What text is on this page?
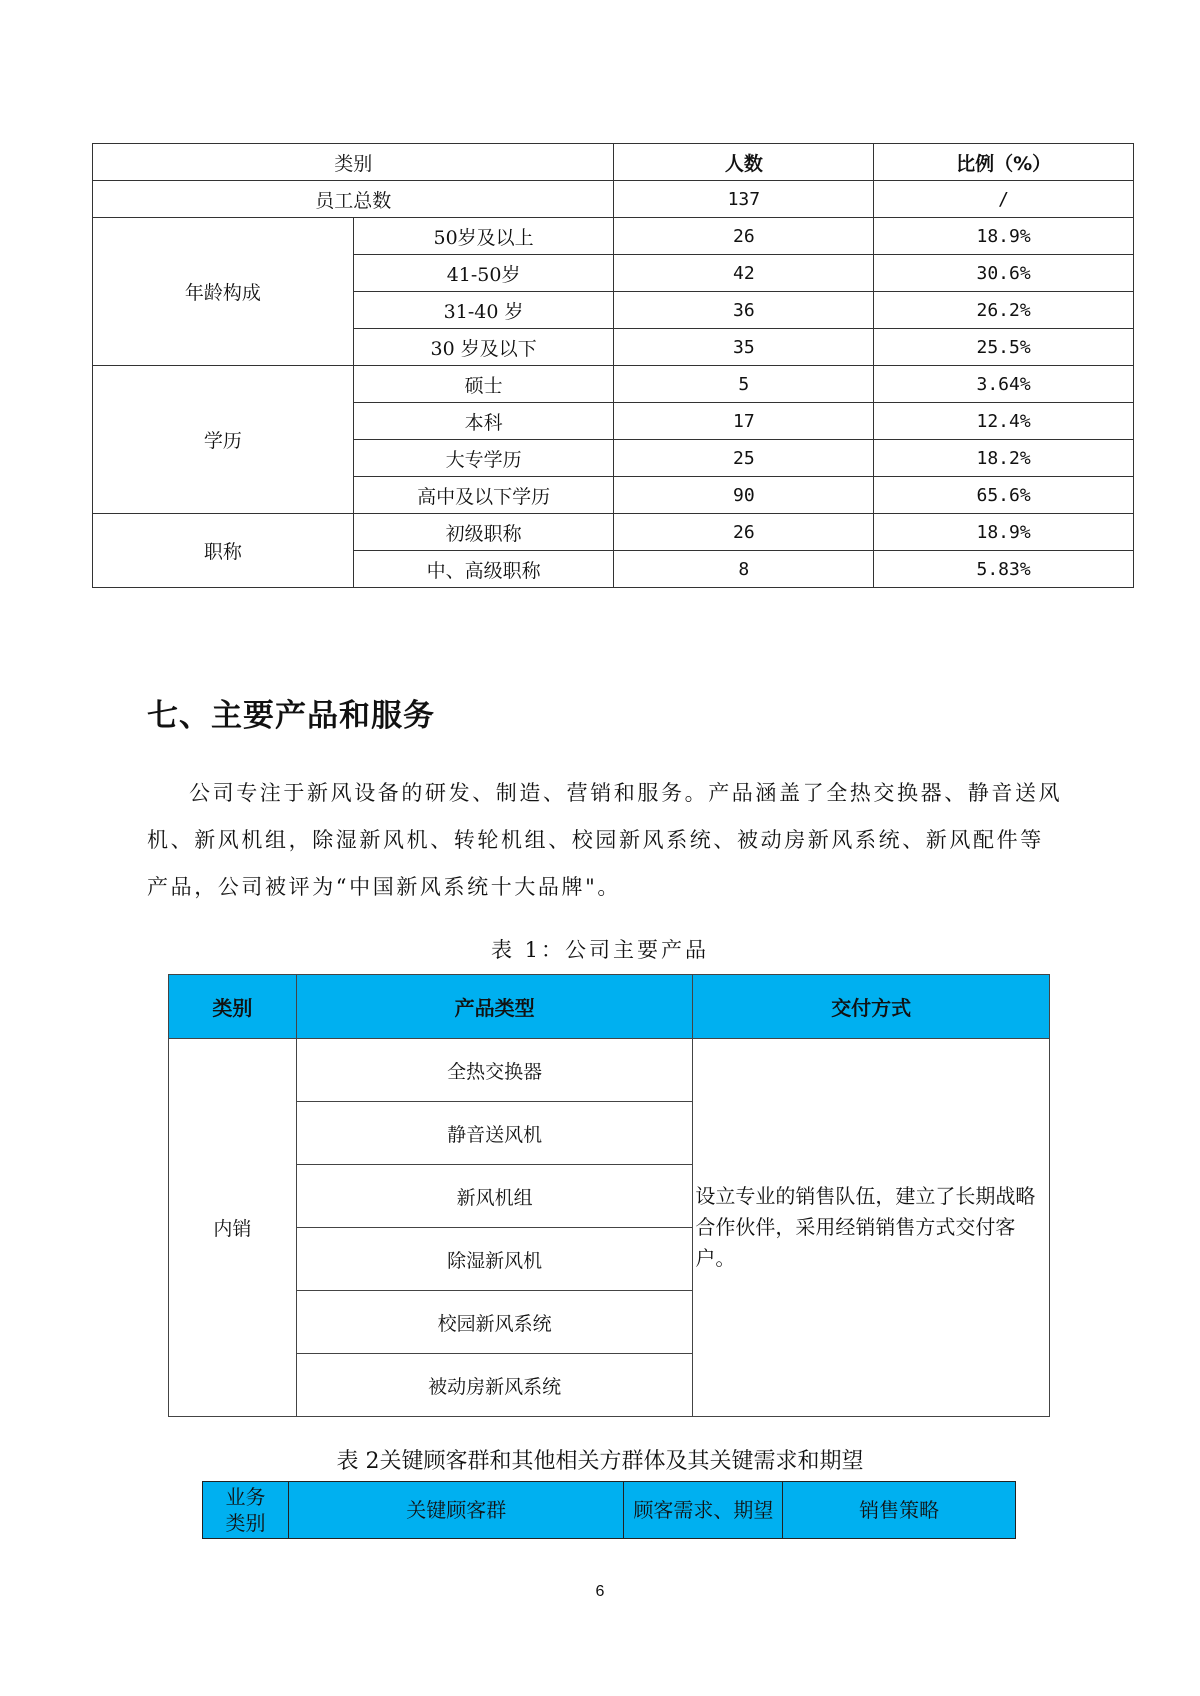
类别		人数	比例（%）
员工总数		137	/
年龄构成	50岁及以上	26	18.9%
	41-50岁	42	30.6%
	31-40 岁	36	26.2%
	30 岁及以下	35	25.5%
学历	硕士	5	3.64%
	本科	17	12.4%
	大专学历	25	18.2%
	高中及以下学历	90	65.6%
职称	初级职称	26	18.9%
	中、高级职称	8	5.83%
七、主要产品和服务

公司专注于新风设备的研发、制造、营销和服务。产品涵盖了全热交换器、静音送风机、新风机组，除湿新风机、转轮机组、校园新风系统、被动房新风系统、新风配件等产品，公司被评为“中国新风系统十大品牌"。

表 1：公司主要产品

类别	产品类型	交付方式
内销	全热交换器	设立专业的销售队伍，建立了长期战略合作伙伴，采用经销销售方式交付客户。
	静音送风机	
	新风机组	
	除湿新风机	
	校园新风系统	
	被动房新风系统	

表 2关键顾客群和其他相关方群体及其关键需求和期望

业务类别	关键顾客群	顾客需求、期望	销售策略
6
